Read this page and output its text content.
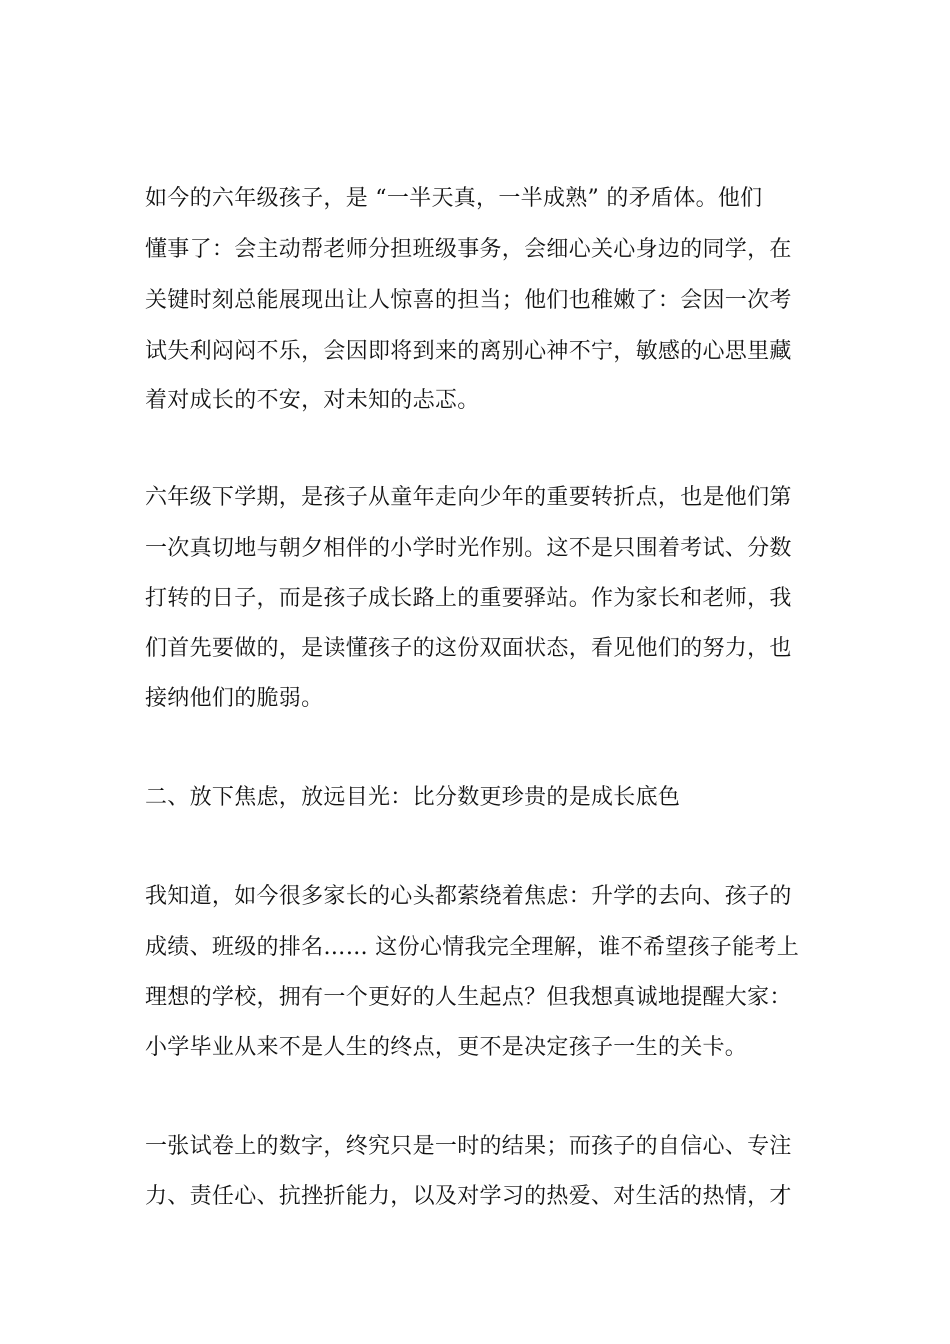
如今的六年级孩子，是 “一半天真，一半成熟” 的矛盾体。他们
懂事了：会主动帮老师分担班级事务，会细心关心身边的同学，在
关键时刻总能展现出让人惊喜的担当；他们也稚嫩了：会因一次考
试失利闷闷不乐，会因即将到来的离别心神不宁，敏感的心思里藏
着对成长的不安，对未知的忐忑。
六年级下学期，是孩子从童年走向少年的重要转折点，也是他们第
一次真切地与朝夕相伴的小学时光作别。这不是只围着考试、分数
打转的日子，而是孩子成长路上的重要驿站。作为家长和老师，我
们首先要做的，是读懂孩子的这份双面状态，看见他们的努力，也
接纳他们的脆弱。
二、放下焦虑，放远目光：比分数更珍贵的是成长底色
我知道，如今很多家长的心头都萦绕着焦虑：升学的去向、孩子的
成绩、班级的排名…… 这份心情我完全理解，谁不希望孩子能考上
理想的学校，拥有一个更好的人生起点？但我想真诚地提醒大家：
小学毕业从来不是人生的终点，更不是决定孩子一生的关卡。
一张试卷上的数字，终究只是一时的结果；而孩子的自信心、专注
力、责任心、抗挫折能力，以及对学习的热爱、对生活的热情，才
